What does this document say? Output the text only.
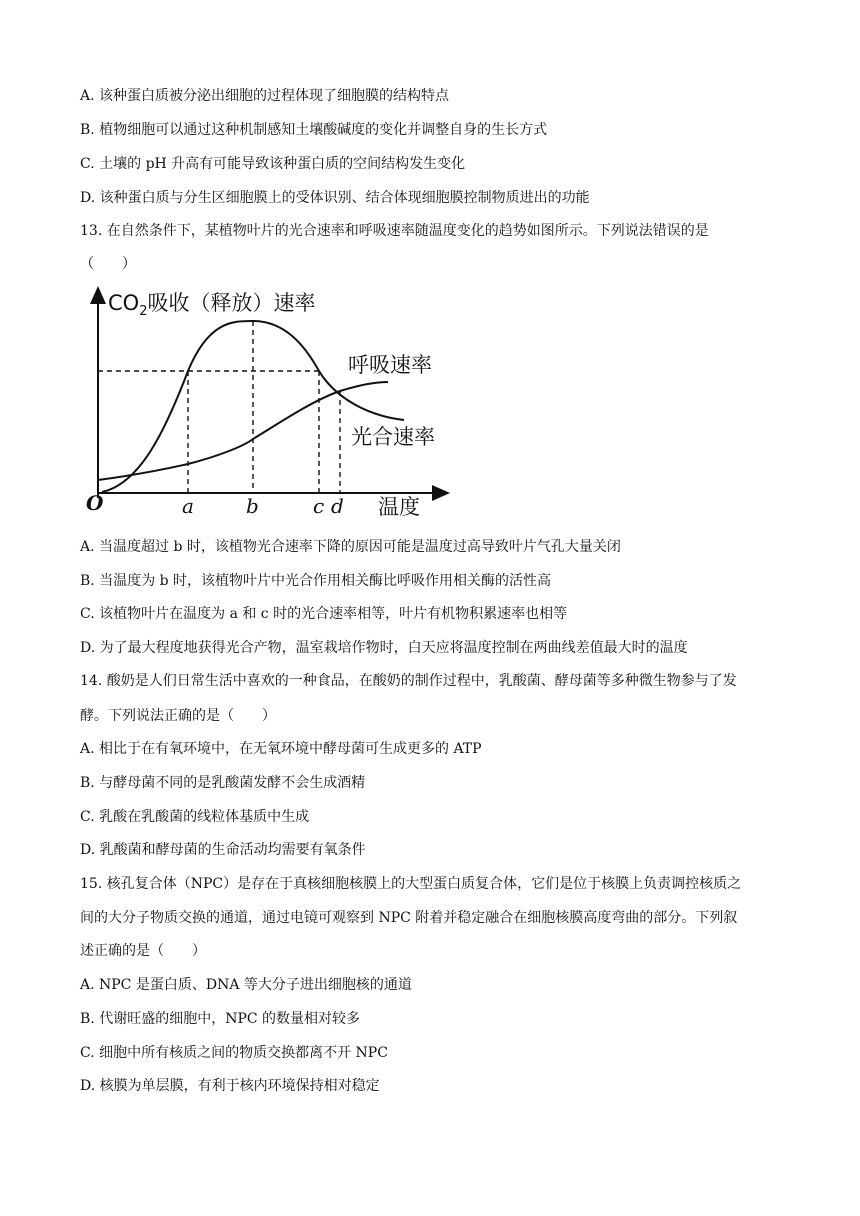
A. 该种蛋白质被分泌出细胞的过程体现了细胞膜的结构特点
B. 植物细胞可以通过这种机制感知土壤酸碱度的变化并调整自身的生长方式
C. 土壤的 pH 升高有可能导致该种蛋白质的空间结构发生变化
D. 该种蛋白质与分生区细胞膜上的受体识别、结合体现细胞膜控制物质进出的功能
13. 在自然条件下，某植物叶片的光合速率和呼吸速率随温度变化的趋势如图所示。下列说法错误的是
（　　）
$CO_2$吸收（释放）速率
呼吸速率
光合速率
温度
O	a	b	c d
A. 当温度超过 b 时，该植物光合速率下降的原因可能是温度过高导致叶片气孔大量关闭
B. 当温度为 b 时，该植物叶片中光合作用相关酶比呼吸作用相关酶的活性高
C. 该植物叶片在温度为 a 和 c 时的光合速率相等，叶片有机物积累速率也相等
D. 为了最大程度地获得光合产物，温室栽培作物时，白天应将温度控制在两曲线差值最大时的温度
14. 酸奶是人们日常生活中喜欢的一种食品，在酸奶的制作过程中，乳酸菌、酵母菌等多种微生物参与了发
酵。下列说法正确的是（　　）
A. 相比于在有氧环境中，在无氧环境中酵母菌可生成更多的 ATP
B. 与酵母菌不同的是乳酸菌发酵不会生成酒精
C. 乳酸在乳酸菌的线粒体基质中生成
D. 乳酸菌和酵母菌的生命活动均需要有氧条件
15. 核孔复合体（NPC）是存在于真核细胞核膜上的大型蛋白质复合体，它们是位于核膜上负责调控核质之
间的大分子物质交换的通道，通过电镜可观察到 NPC 附着并稳定融合在细胞核膜高度弯曲的部分。下列叙
述正确的是（　　）
A. NPC 是蛋白质、DNA 等大分子进出细胞核的通道
B. 代谢旺盛的细胞中，NPC 的数量相对较多
C. 细胞中所有核质之间的物质交换都离不开 NPC
D. 核膜为单层膜，有利于核内环境保持相对稳定
